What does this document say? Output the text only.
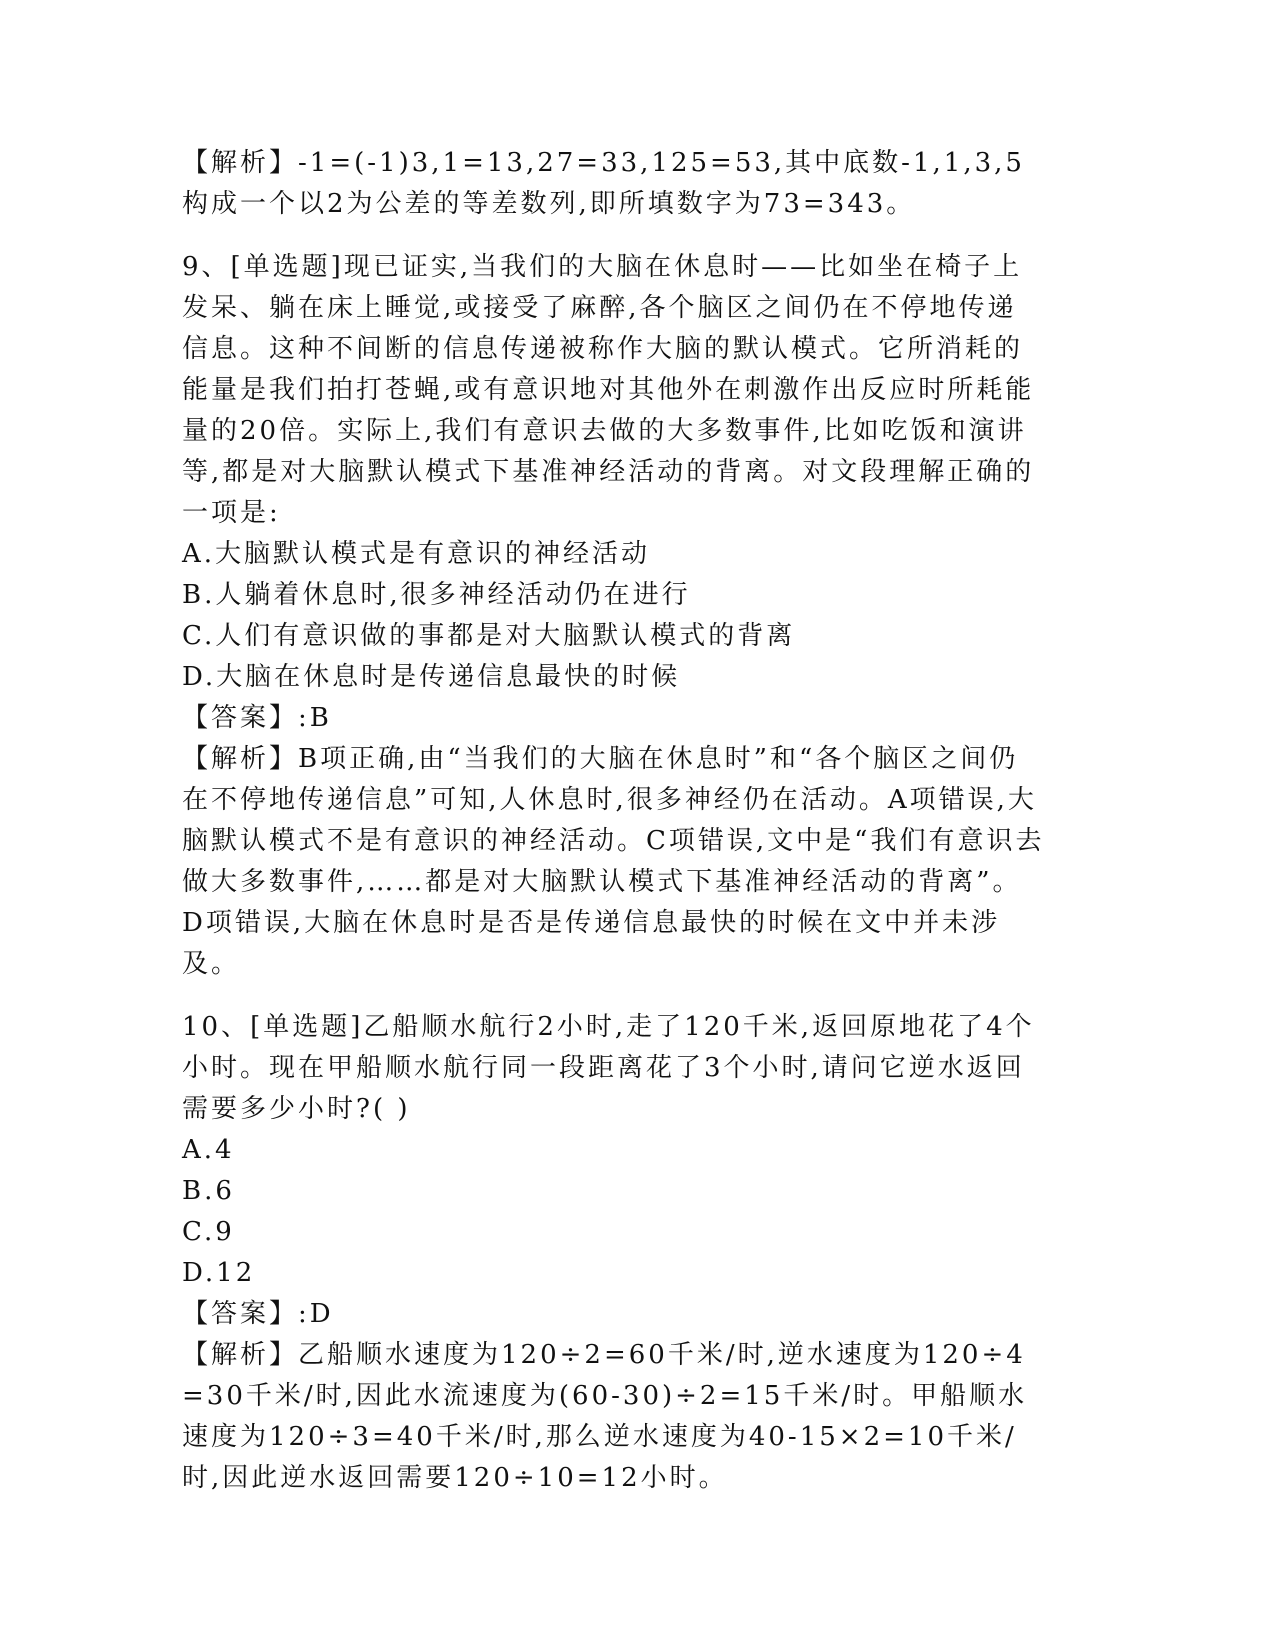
【解析】-1=(-1)3,1=13,27=33,125=53,其中底数-1,1,3,5构成一个以2为公差的等差数列,即所填数字为73=343。

9、[单选题]现已证实,当我们的大脑在休息时——比如坐在椅子上发呆、躺在床上睡觉,或接受了麻醉,各个脑区之间仍在不停地传递信息。这种不间断的信息传递被称作大脑的默认模式。它所消耗的能量是我们拍打苍蝇,或有意识地对其他外在刺激作出反应时所耗能量的20倍。实际上,我们有意识去做的大多数事件,比如吃饭和演讲等,都是对大脑默认模式下基准神经活动的背离。对文段理解正确的一项是:

A.大脑默认模式是有意识的神经活动

B.人躺着休息时,很多神经活动仍在进行

C.人们有意识做的事都是对大脑默认模式的背离

D.大脑在休息时是传递信息最快的时候

【答案】:B

【解析】B项正确,由“当我们的大脑在休息时”和“各个脑区之间仍在不停地传递信息”可知,人休息时,很多神经仍在活动。A项错误,大脑默认模式不是有意识的神经活动。C项错误,文中是“我们有意识去做大多数事件,……都是对大脑默认模式下基准神经活动的背离”。D项错误,大脑在休息时是否是传递信息最快的时候在文中并未涉及。

10、[单选题]乙船顺水航行2小时,走了120千米,返回原地花了4个小时。现在甲船顺水航行同一段距离花了3个小时,请问它逆水返回需要多少小时?( )

A.4

B.6

C.9

D.12

【答案】:D

【解析】乙船顺水速度为120÷2=60千米/时,逆水速度为120÷4=30千米/时,因此水流速度为(60-30)÷2=15千米/时。甲船顺水速度为120÷3=40千米/时,那么逆水速度为40-15×2=10千米/时,因此逆水返回需要120÷10=12小时。
